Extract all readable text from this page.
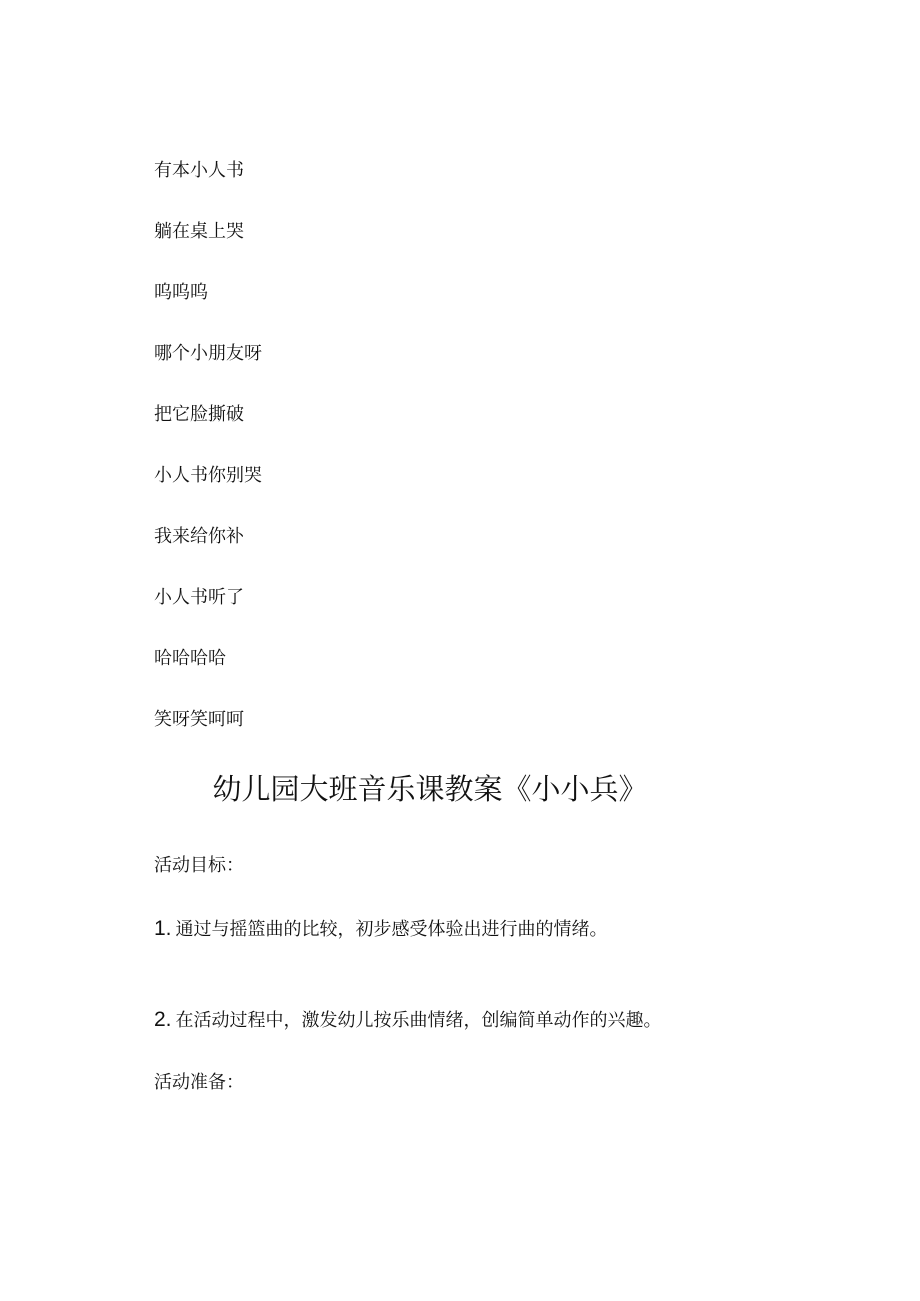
有本小人书
躺在桌上哭
呜呜呜
哪个小朋友呀
把它脸撕破
小人书你别哭
我来给你补
小人书听了
哈哈哈哈
笑呀笑呵呵
幼儿园大班音乐课教案《小小兵》
活动目标：
1. 通过与摇篮曲的比较，初步感受体验出进行曲的情绪。
2. 在活动过程中，激发幼儿按乐曲情绪，创编简单动作的兴趣。
活动准备：
